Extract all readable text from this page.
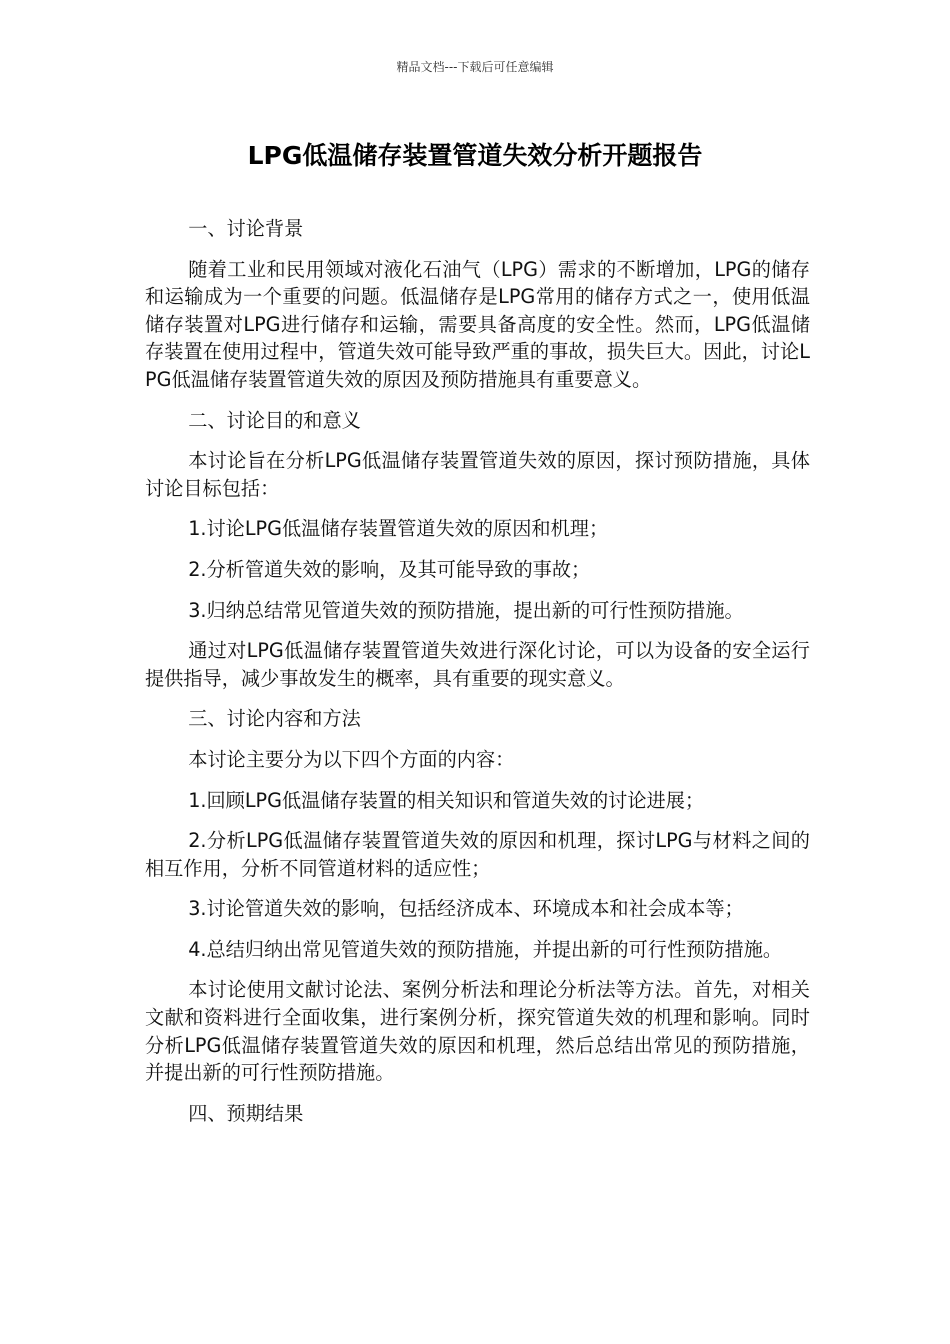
精品文档---下载后可任意编辑
LPG低温储存装置管道失效分析开题报告

一、讨论背景

随着工业和民用领域对液化石油气（LPG）需求的不断增加，LPG的储存和运输成为一个重要的问题。低温储存是LPG常用的储存方式之一，使用低温储存装置对LPG进行储存和运输，需要具备高度的安全性。然而，LPG低温储存装置在使用过程中，管道失效可能导致严重的事故，损失巨大。因此，讨论LPG低温储存装置管道失效的原因及预防措施具有重要意义。

二、讨论目的和意义

本讨论旨在分析LPG低温储存装置管道失效的原因，探讨预防措施，具体讨论目标包括：

1.讨论LPG低温储存装置管道失效的原因和机理；

2.分析管道失效的影响，及其可能导致的事故；

3.归纳总结常见管道失效的预防措施，提出新的可行性预防措施。

通过对LPG低温储存装置管道失效进行深化讨论，可以为设备的安全运行提供指导，减少事故发生的概率，具有重要的现实意义。

三、讨论内容和方法

本讨论主要分为以下四个方面的内容：

1.回顾LPG低温储存装置的相关知识和管道失效的讨论进展；

2.分析LPG低温储存装置管道失效的原因和机理，探讨LPG与材料之间的相互作用，分析不同管道材料的适应性；

3.讨论管道失效的影响，包括经济成本、环境成本和社会成本等；

4.总结归纳出常见管道失效的预防措施，并提出新的可行性预防措施。

本讨论使用文献讨论法、案例分析法和理论分析法等方法。首先，对相关文献和资料进行全面收集，进行案例分析，探究管道失效的机理和影响。同时分析LPG低温储存装置管道失效的原因和机理，然后总结出常见的预防措施，并提出新的可行性预防措施。

四、预期结果
